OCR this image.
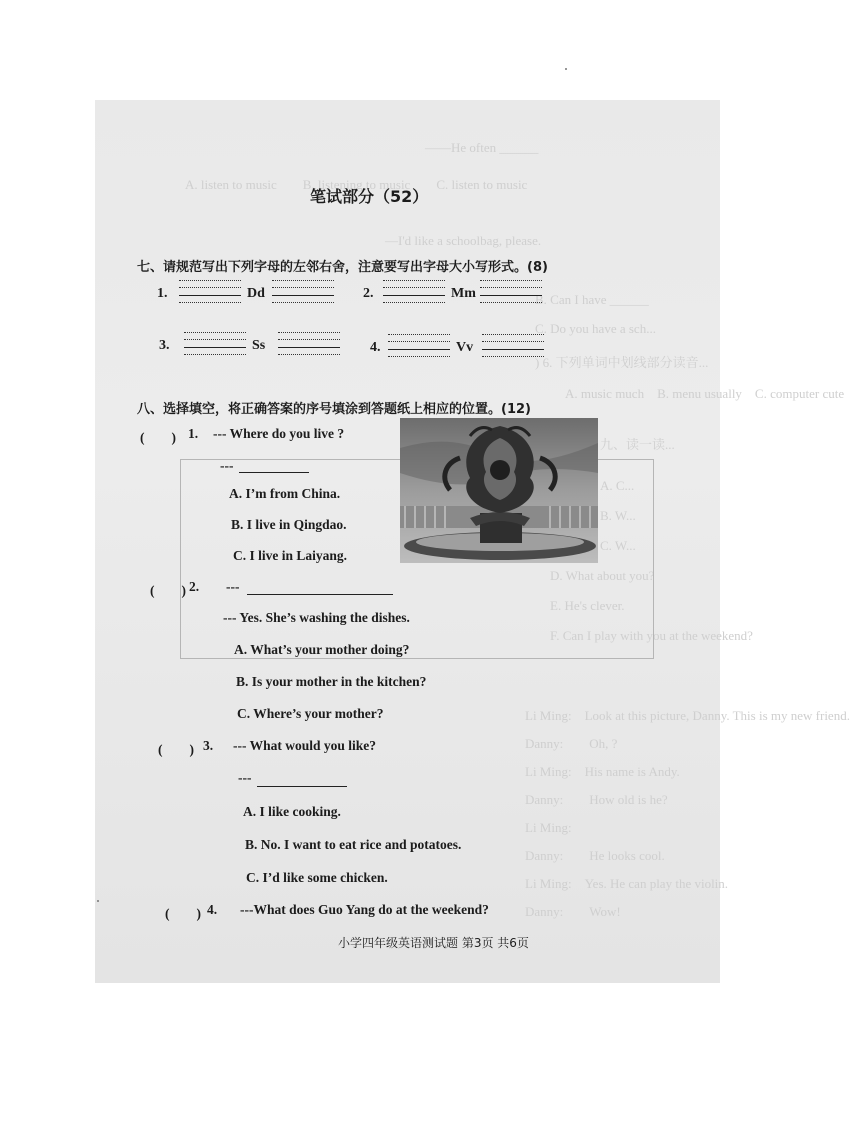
——He often ______
A. listen to music　　B. listening to music　　C. listen to music
—I'd like a schoolbag, please.
B. Can I have ______
C. Do you have a sch...
) 6. 下列单词中划线部分读音...
A. music much　B. menu usually　C. computer cute
九、读一读...
A. C...
B. W...
C. W...
D. What about you?
E. He's clever.
F. Can I play with you at the weekend?
Li Ming:　Look at this picture, Danny. This is my new friend.
Danny:　　Oh, ?
Li Ming:　His name is Andy.
Danny:　　How old is he?
Li Ming:　
Danny:　　He looks cool.
Li Ming:　Yes. He can play the violin.
Danny:　　Wow!
笔试部分（52）
七、请规范写出下列字母的左邻右舍，注意要写出字母大小写形式。(8)
1.	Dd	2.	Mm
3.	Ss	4.	Vv
八、选择填空，将正确答案的序号填涂到答题纸上相应的位置。(12)
(　　) 1. --- Where do you live ?
---
A. I’m from China.
B. I live in Qingdao.
C. I live in Laiyang.
(　　) 2. ---
--- Yes. She’s washing the dishes.
A. What’s your mother doing?
B. Is your mother in the kitchen?
C. Where’s your mother?
(　　) 3. --- What would you like?
---
A. I like cooking.
B. No. I want to eat rice and potatoes.
C. I’d like some chicken.
(　　) 4. ---What does Guo Yang do at the weekend?
小学四年级英语测试题 第3页 共6页
